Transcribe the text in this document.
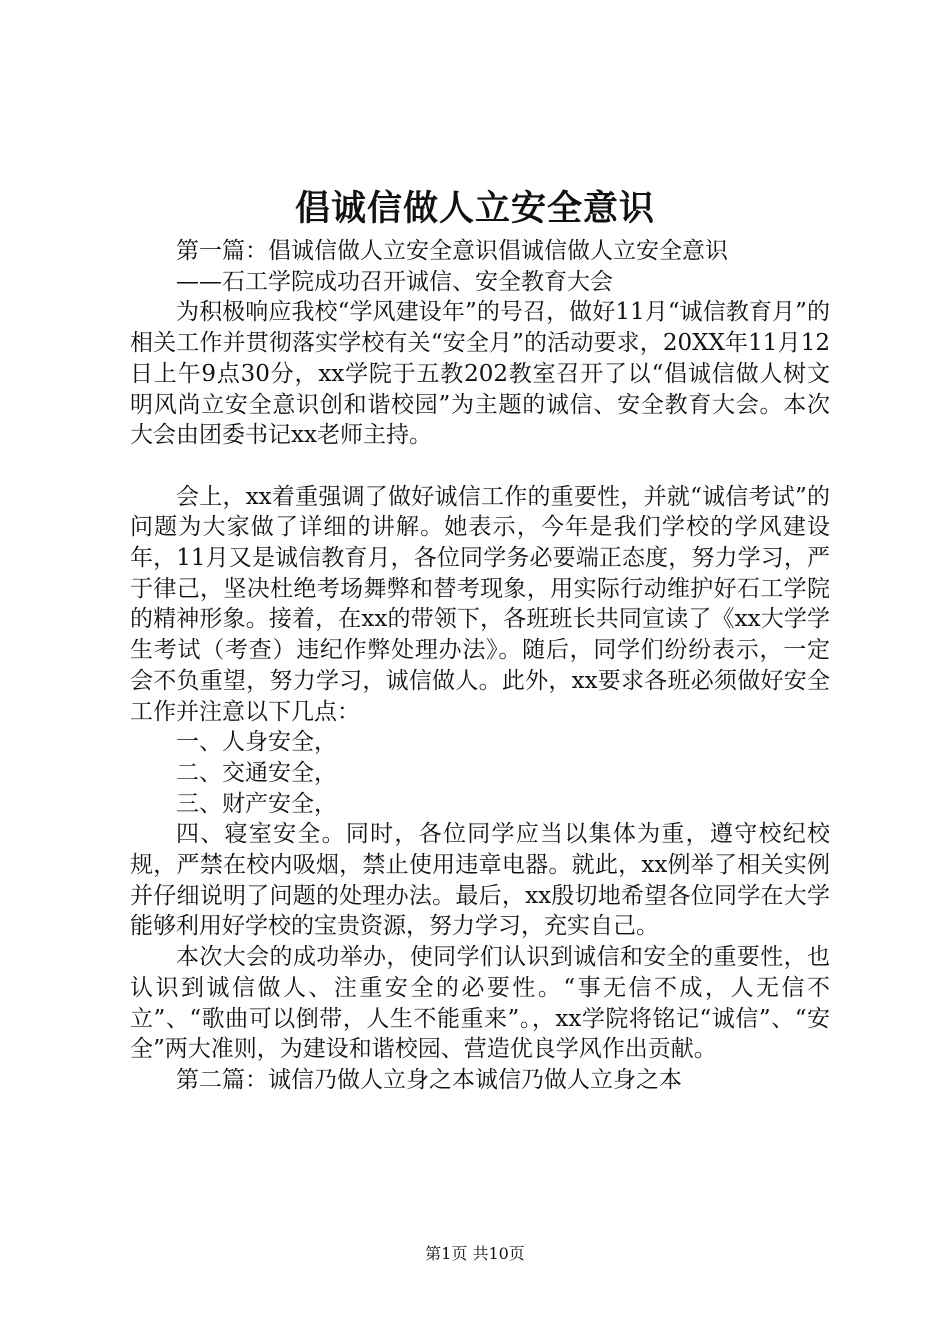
倡诚信做人立安全意识

第一篇：倡诚信做人立安全意识倡诚信做人立安全意识

——石工学院成功召开诚信、安全教育大会

为积极响应我校“学风建设年”的号召，做好11月“诚信教育月”的相关工作并贯彻落实学校有关“安全月”的活动要求，20XX年11月12日上午9点30分，xx学院于五教202教室召开了以“倡诚信做人树文明风尚立安全意识创和谐校园”为主题的诚信、安全教育大会。本次大会由团委书记xx老师主持。

会上，xx着重强调了做好诚信工作的重要性，并就“诚信考试”的问题为大家做了详细的讲解。她表示，今年是我们学校的学风建设年，11月又是诚信教育月，各位同学务必要端正态度，努力学习，严于律己，坚决杜绝考场舞弊和替考现象，用实际行动维护好石工学院的精神形象。接着，在xx的带领下，各班班长共同宣读了《xx大学学生考试（考查）违纪作弊处理办法》。随后，同学们纷纷表示，一定会不负重望，努力学习，诚信做人。此外，xx要求各班必须做好安全工作并注意以下几点：

一、人身安全，

二、交通安全，

三、财产安全，

四、寝室安全。同时，各位同学应当以集体为重，遵守校纪校规，严禁在校内吸烟，禁止使用违章电器。就此，xx例举了相关实例并仔细说明了问题的处理办法。最后，xx殷切地希望各位同学在大学能够利用好学校的宝贵资源，努力学习，充实自己。

本次大会的成功举办，使同学们认识到诚信和安全的重要性，也认识到诚信做人、注重安全的必要性。“事无信不成，人无信不立”、“歌曲可以倒带，人生不能重来”。，xx学院将铭记“诚信”、“安全”两大准则，为建设和谐校园、营造优良学风作出贡献。

第二篇：诚信乃做人立身之本诚信乃做人立身之本

第1页 共10页
